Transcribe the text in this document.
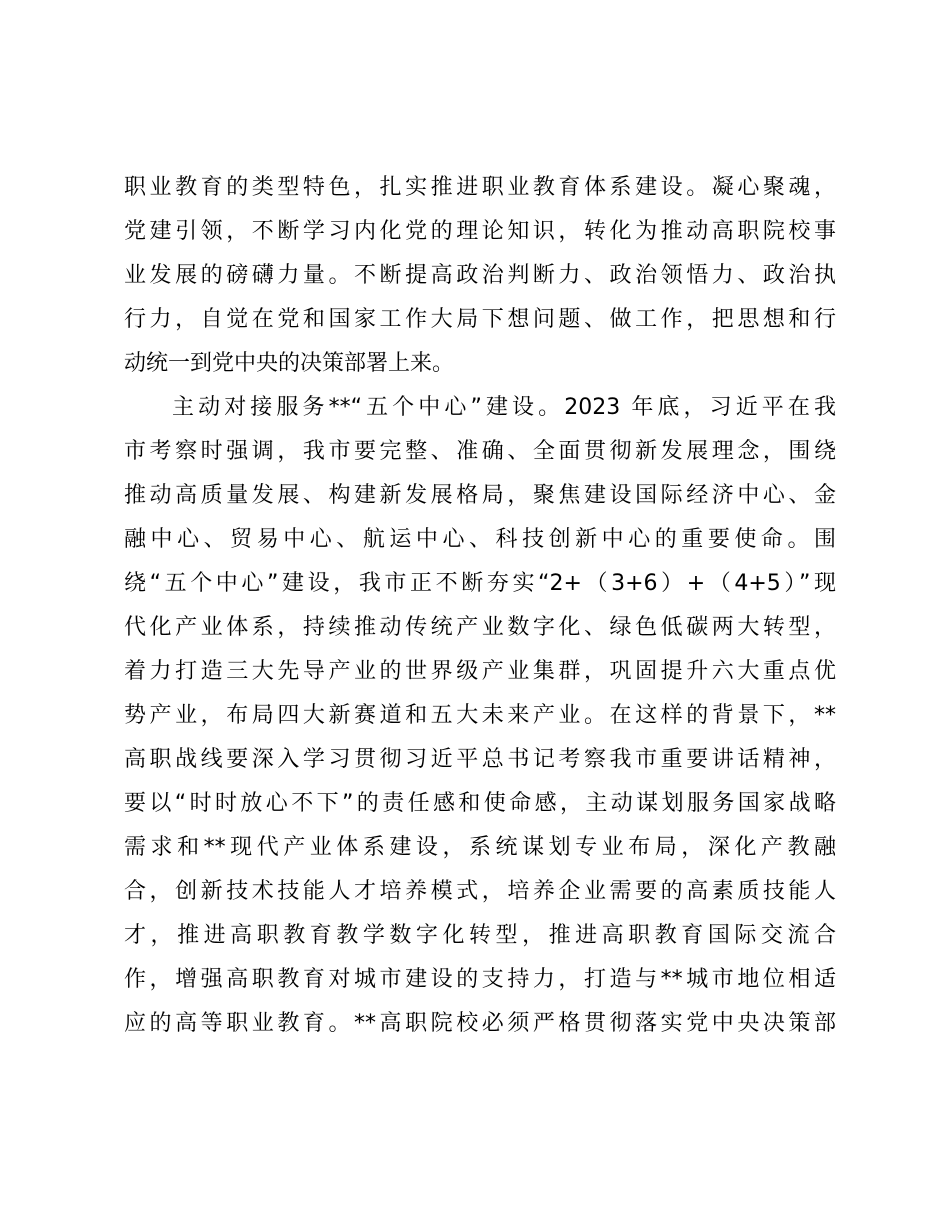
职业教育的类型特色，扎实推进职业教育体系建设。凝心聚魂，
党建引领，不断学习内化党的理论知识，转化为推动高职院校事
业发展的磅礴力量。不断提高政治判断力、政治领悟力、政治执
行力，自觉在党和国家工作大局下想问题、做工作，把思想和行
动统一到党中央的决策部署上来。
主动对接服务**“五个中心”建设。2023 年底，习近平在我
市考察时强调，我市要完整、准确、全面贯彻新发展理念，围绕
推动高质量发展、构建新发展格局，聚焦建设国际经济中心、金
融中心、贸易中心、航运中心、科技创新中心的重要使命。围
绕“五个中心”建设，我市正不断夯实“2+（3+6）+（4+5）”现
代化产业体系，持续推动传统产业数字化、绿色低碳两大转型，
着力打造三大先导产业的世界级产业集群，巩固提升六大重点优
势产业，布局四大新赛道和五大未来产业。在这样的背景下，**
高职战线要深入学习贯彻习近平总书记考察我市重要讲话精神，
要以“时时放心不下”的责任感和使命感，主动谋划服务国家战略
需求和**现代产业体系建设，系统谋划专业布局，深化产教融
合，创新技术技能人才培养模式，培养企业需要的高素质技能人
才，推进高职教育教学数字化转型，推进高职教育国际交流合
作，增强高职教育对城市建设的支持力，打造与**城市地位相适
应的高等职业教育。**高职院校必须严格贯彻落实党中央决策部
